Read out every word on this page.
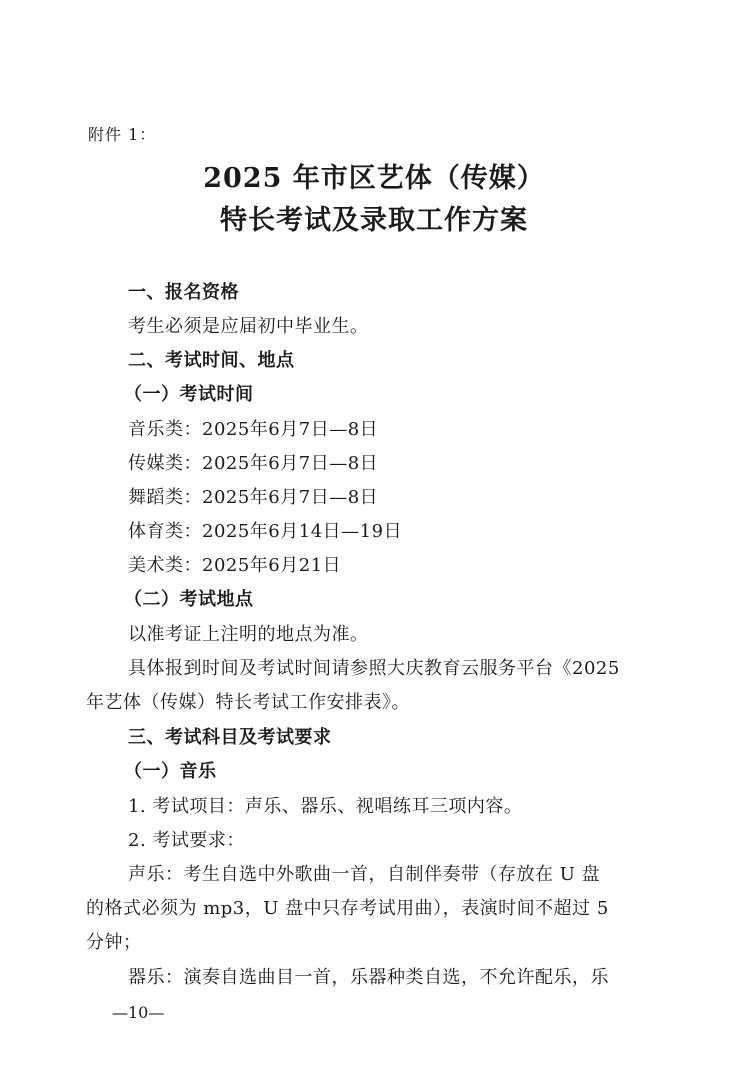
附件 1：
2025 年市区艺体（传媒）
特长考试及录取工作方案
一、报名资格
考生必须是应届初中毕业生。
二、考试时间、地点
（一）考试时间
音乐类：2025年6月7日—8日
传媒类：2025年6月7日—8日
舞蹈类：2025年6月7日—8日
体育类：2025年6月14日—19日
美术类：2025年6月21日
（二）考试地点
以准考证上注明的地点为准。
具体报到时间及考试时间请参照大庆教育云服务平台《2025
年艺体（传媒）特长考试工作安排表》。
三、考试科目及考试要求
（一）音乐
1. 考试项目：声乐、器乐、视唱练耳三项内容。
2. 考试要求：
声乐：考生自选中外歌曲一首，自制伴奏带（存放在 U 盘
的格式必须为 mp3，U 盘中只存考试用曲），表演时间不超过 5
分钟；
器乐：演奏自选曲目一首，乐器种类自选，不允许配乐，乐
—10—
